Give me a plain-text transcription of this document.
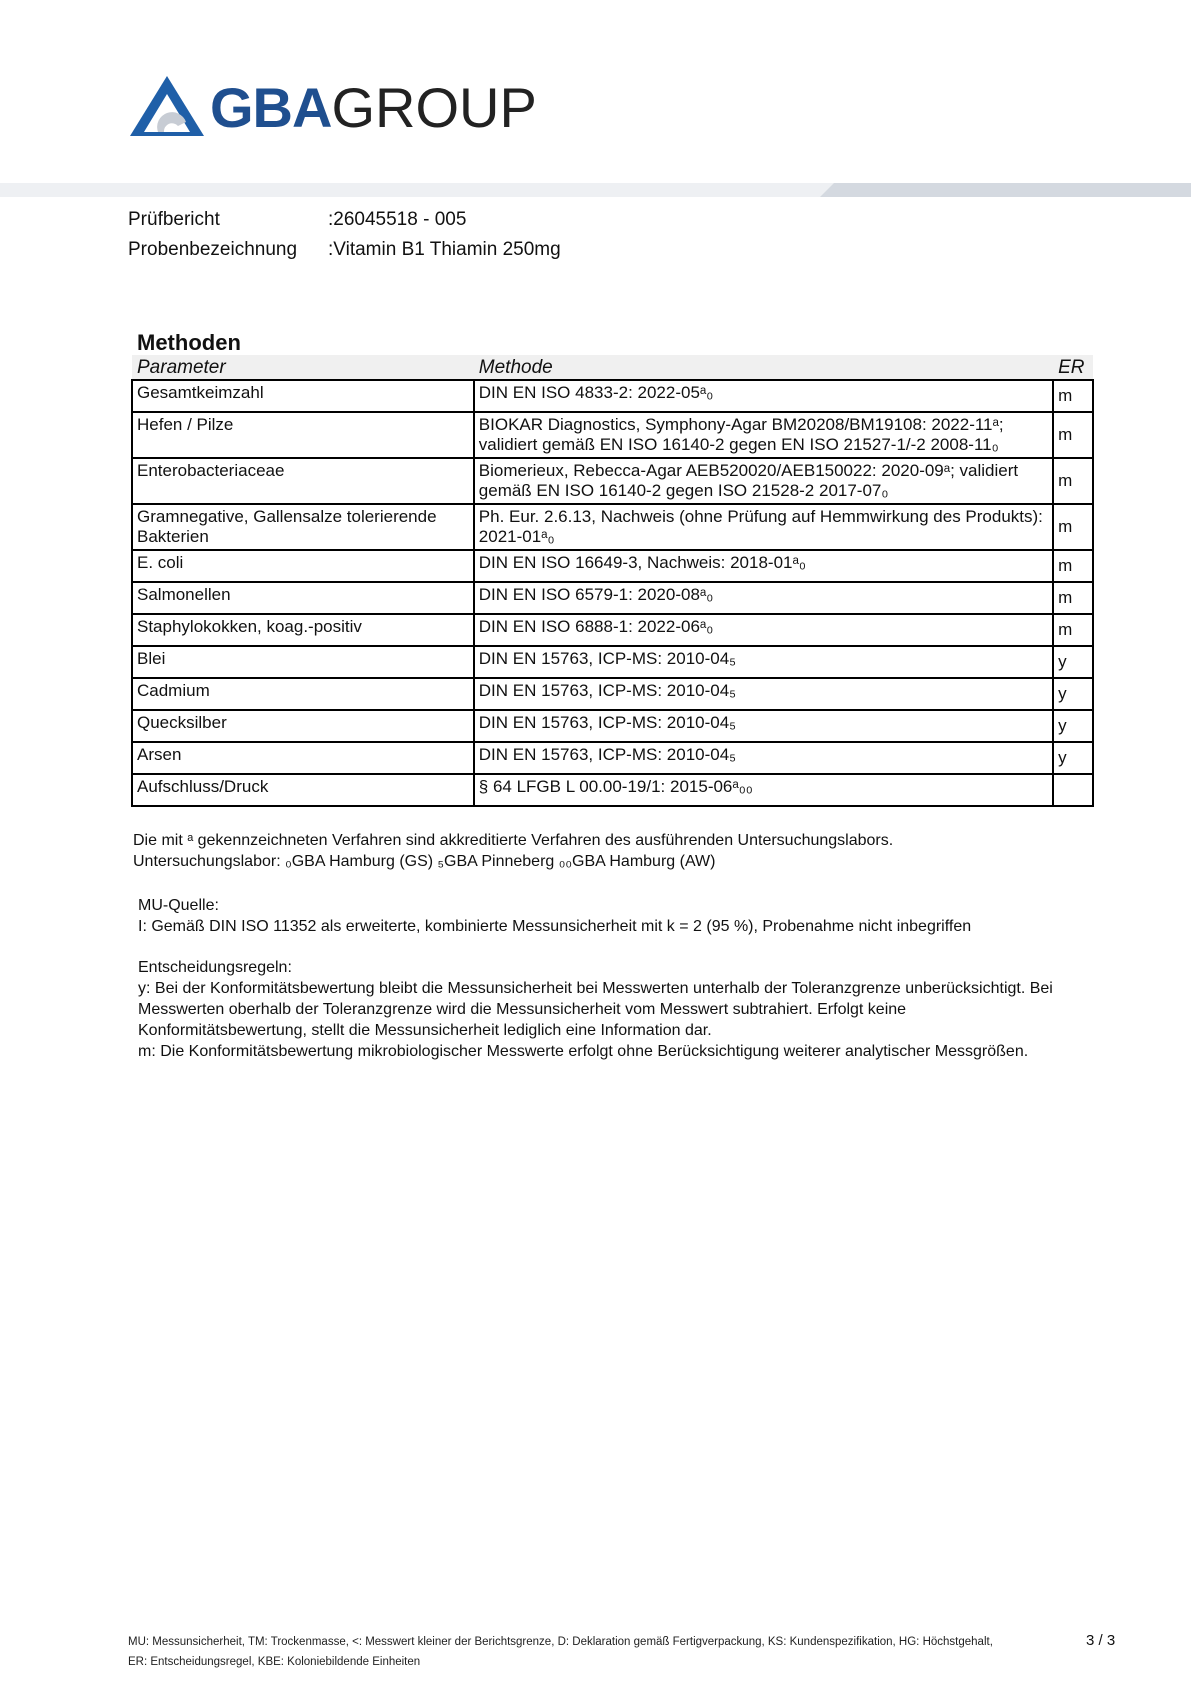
GBAGROUP
Prüfbericht	:26045518 - 005
Probenbezeichnung :Vitamin B1 Thiamin 250mg
Methoden
Parameter	Methode	ER
Gesamtkeimzahl	DIN EN ISO 4833-2: 2022-05ᵃ₀	m
Hefen / Pilze	BIOKAR Diagnostics, Symphony-Agar BM20208/BM19108: 2022-11ᵃ; validiert gemäß EN ISO 16140-2 gegen EN ISO 21527-1/-2 2008-11₀	m
Enterobacteriaceae	Biomerieux, Rebecca-Agar AEB520020/AEB150022: 2020-09ᵃ; validiert gemäß EN ISO 16140-2 gegen ISO 21528-2 2017-07₀	m
Gramnegative, Gallensalze tolerierende Bakterien	Ph. Eur. 2.6.13, Nachweis (ohne Prüfung auf Hemmwirkung des Produkts): 2021-01ᵃ₀	m
E. coli	DIN EN ISO 16649-3, Nachweis: 2018-01ᵃ₀	m
Salmonellen	DIN EN ISO 6579-1: 2020-08ᵃ₀	m
Staphylokokken, koag.-positiv	DIN EN ISO 6888-1: 2022-06ᵃ₀	m
Blei	DIN EN 15763, ICP-MS: 2010-04₅	y
Cadmium	DIN EN 15763, ICP-MS: 2010-04₅	y
Quecksilber	DIN EN 15763, ICP-MS: 2010-04₅	y
Arsen	DIN EN 15763, ICP-MS: 2010-04₅	y
Aufschluss/Druck	§ 64 LFGB L 00.00-19/1: 2015-06ᵃ₀₀	
Die mit ᵃ gekennzeichneten Verfahren sind akkreditierte Verfahren des ausführenden Untersuchungslabors.
Untersuchungslabor: ₀GBA Hamburg (GS) ₅GBA Pinneberg ₀₀GBA Hamburg (AW)
MU-Quelle:
I: Gemäß DIN ISO 11352 als erweiterte, kombinierte Messunsicherheit mit k = 2 (95 %), Probenahme nicht inbegriffen
Entscheidungsregeln:
y: Bei der Konformitätsbewertung bleibt die Messunsicherheit bei Messwerten unterhalb der Toleranzgrenze unberücksichtigt. Bei
Messwerten oberhalb der Toleranzgrenze wird die Messunsicherheit vom Messwert subtrahiert. Erfolgt keine
Konformitätsbewertung, stellt die Messunsicherheit lediglich eine Information dar.
m: Die Konformitätsbewertung mikrobiologischer Messwerte erfolgt ohne Berücksichtigung weiterer analytischer Messgrößen.
MU: Messunsicherheit, TM: Trockenmasse, <: Messwert kleiner der Berichtsgrenze, D: Deklaration gemäß Fertigverpackung, KS: Kundenspezifikation, HG: Höchstgehalt,
ER: Entscheidungsregel, KBE: Koloniebildende Einheiten
3 / 3
